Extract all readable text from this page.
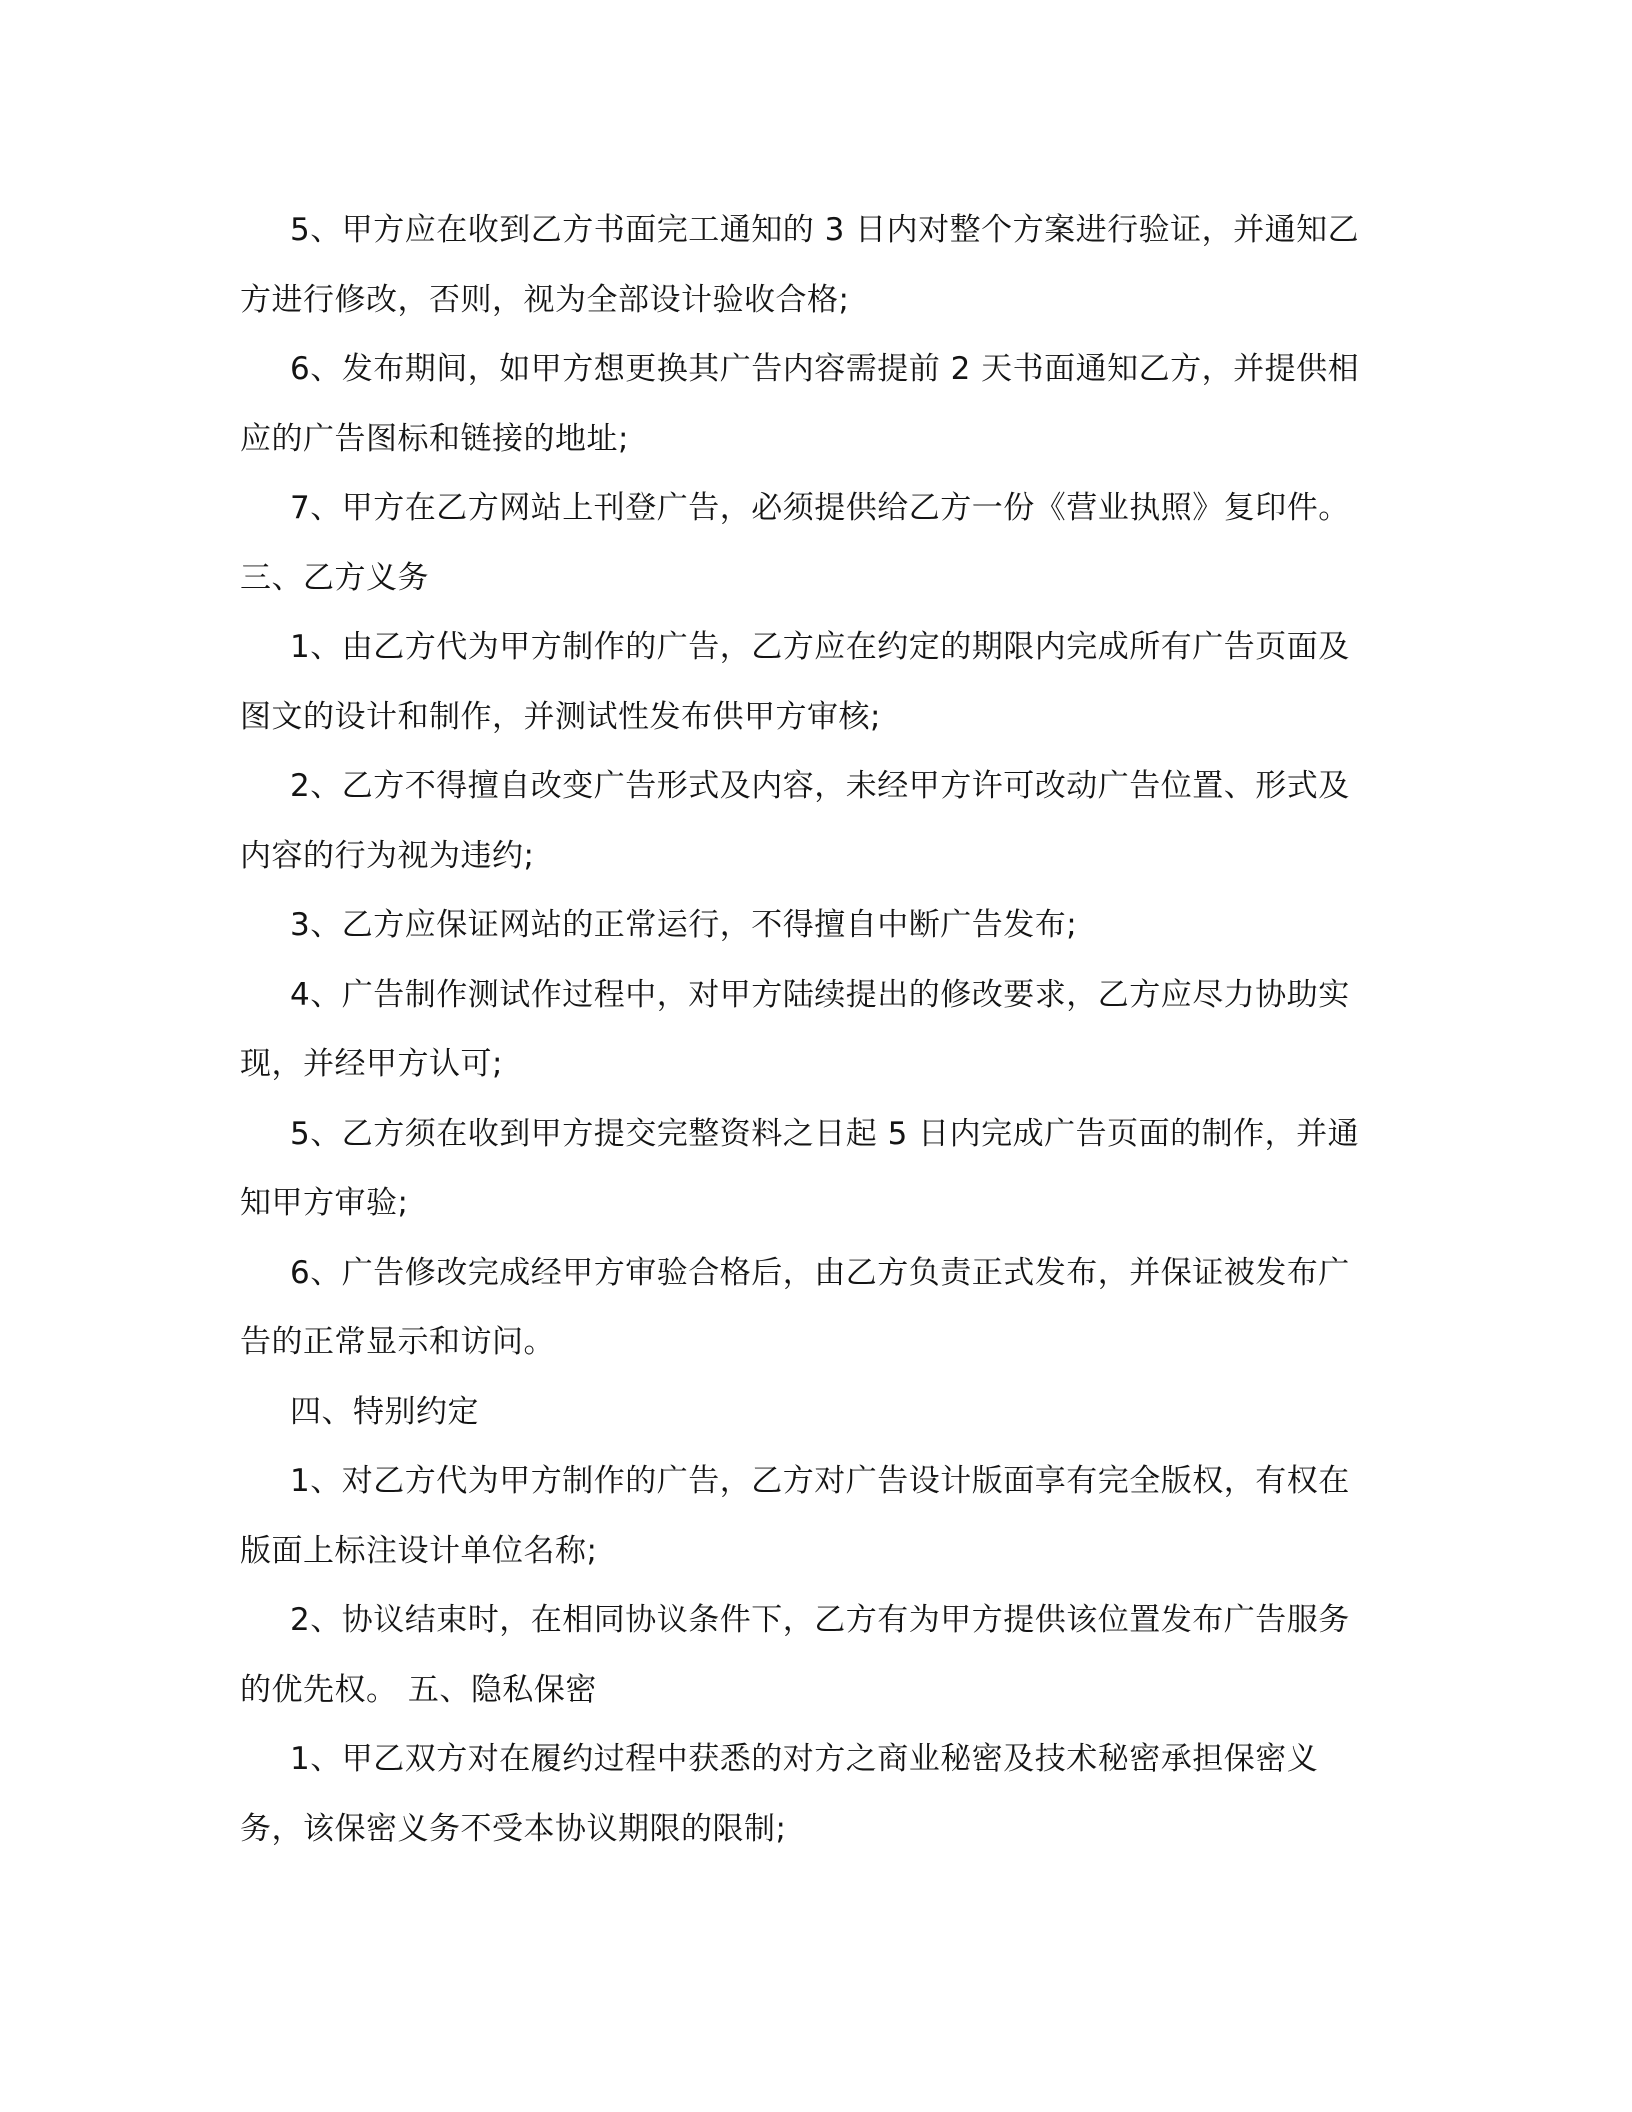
5、甲方应在收到乙方书面完工通知的 3 日内对整个方案进行验证，并通知乙方进行修改，否则，视为全部设计验收合格;

6、发布期间，如甲方想更换其广告内容需提前 2 天书面通知乙方，并提供相应的广告图标和链接的地址;

7、甲方在乙方网站上刊登广告，必须提供给乙方一份《营业执照》复印件。

三、乙方义务

1、由乙方代为甲方制作的广告，乙方应在约定的期限内完成所有广告页面及图文的设计和制作，并测试性发布供甲方审核;

2、乙方不得擅自改变广告形式及内容，未经甲方许可改动广告位置、形式及内容的行为视为违约;

3、乙方应保证网站的正常运行，不得擅自中断广告发布;

4、广告制作测试作过程中，对甲方陆续提出的修改要求，乙方应尽力协助实现，并经甲方认可;

5、乙方须在收到甲方提交完整资料之日起 5 日内完成广告页面的制作，并通知甲方审验;

6、广告修改完成经甲方审验合格后，由乙方负责正式发布，并保证被发布广告的正常显示和访问。

四、特别约定

1、对乙方代为甲方制作的广告，乙方对广告设计版面享有完全版权，有权在版面上标注设计单位名称;

2、协议结束时，在相同协议条件下，乙方有为甲方提供该位置发布广告服务的优先权。 五、隐私保密

1、甲乙双方对在履约过程中获悉的对方之商业秘密及技术秘密承担保密义务，该保密义务不受本协议期限的限制;
